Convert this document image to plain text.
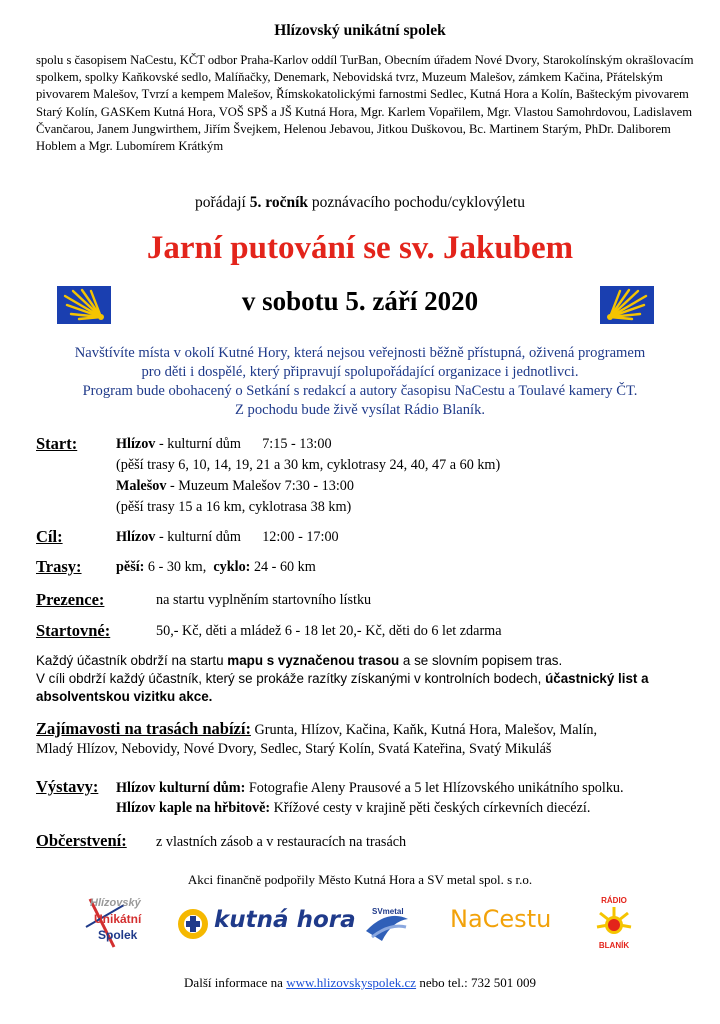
Hlízovský unikátní spolek
spolu s časopisem NaCestu, KČT odbor Praha-Karlov oddíl TurBan, Obecním úřadem Nové Dvory, Starokolínským okrašlovacím spolkem, spolky Kaňkovské sedlo, Malíňačky, Denemark, Nebovidská tvrz, Muzeum Malešov, zámkem Kačina, Přátelským pivovarem Malešov, Tvrzí a kempem Malešov, Římskokatolickými farnostmi Sedlec, Kutná Hora a Kolín, Bašteckým pivovarem Starý Kolín, GASKem Kutná Hora, VOŠ SPŠ a JŠ Kutná Hora, Mgr. Karlem Vopařilem, Mgr. Vlastou Samohrdovou, Ladislavem Čvančarou, Janem Jungwirthem, Jiřím Švejkem, Helenou Jebavou, Jitkou Duškovou, Bc. Martinem Starým, PhDr. Daliborem Hoblem a Mgr. Lubomírem Krátkým
pořádají 5. ročník poznávacího pochodu/cyklovýletu
Jarní putování se sv. Jakubem
v sobotu 5. září 2020
Navštívíte místa v okolí Kutné Hory, která nejsou veřejnosti běžně přístupná, oživená programem
pro děti i dospělé, který připravují spolupořádající organizace i jednotlivci.
Program bude obohacený o Setkání s redakcí a autory časopisu NaCestu a Toulavé kamery ČT.
Z pochodu bude živě vysílat Rádio Blaník.
Start:	Hlízov - kulturní dům      7:15 - 13:00
(pěší trasy 6, 10, 14, 19, 21 a 30 km, cyklotrasy 24, 40, 47 a 60 km)
Malešov - Muzeum Malešov 7:30 - 13:00
(pěší trasy 15 a 16 km, cyklotrasa 38 km)
Cíl:	Hlízov - kulturní dům      12:00 - 17:00
Trasy: pěší: 6 - 30 km,  cyklo: 24 - 60 km
Prezence:	na startu vyplněním startovního lístku
Startovné:	50,- Kč, děti a mládež 6 - 18 let 20,- Kč, děti do 6 let zdarma
Každý účastník obdrží na startu mapu s vyznačenou trasou a se slovním popisem tras.
V cíli obdrží každý účastník, který se prokáže razítky získanými v kontrolních bodech, účastnický list a absolventskou vizitku akce.
Zajímavosti na trasách nabízí: Grunta, Hlízov, Kačina, Kaňk, Kutná Hora, Malešov, Malín,
Mladý Hlízov, Nebovidy, Nové Dvory, Sedlec, Starý Kolín, Svatá Kateřina, Svatý Mikuláš
Výstavy: Hlízov kulturní dům: Fotografie Aleny Prausové a 5 let Hlízovského unikátního spolku.
Hlízov kaple na hřbitově: Křížové cesty v krajině pěti českých církevních diecézí.
Občerstvení: z vlastních zásob a v restauracích na trasách
Akci finančně podpořily Město Kutná Hora a SV metal spol. s r.o.
Hlízovský
Unikátní
Spolek
kutná hora SVmetal NaCestu
RÁDIO
BLANÍK
Další informace na www.hlizovskyspolek.cz nebo tel.: 732 501 009
